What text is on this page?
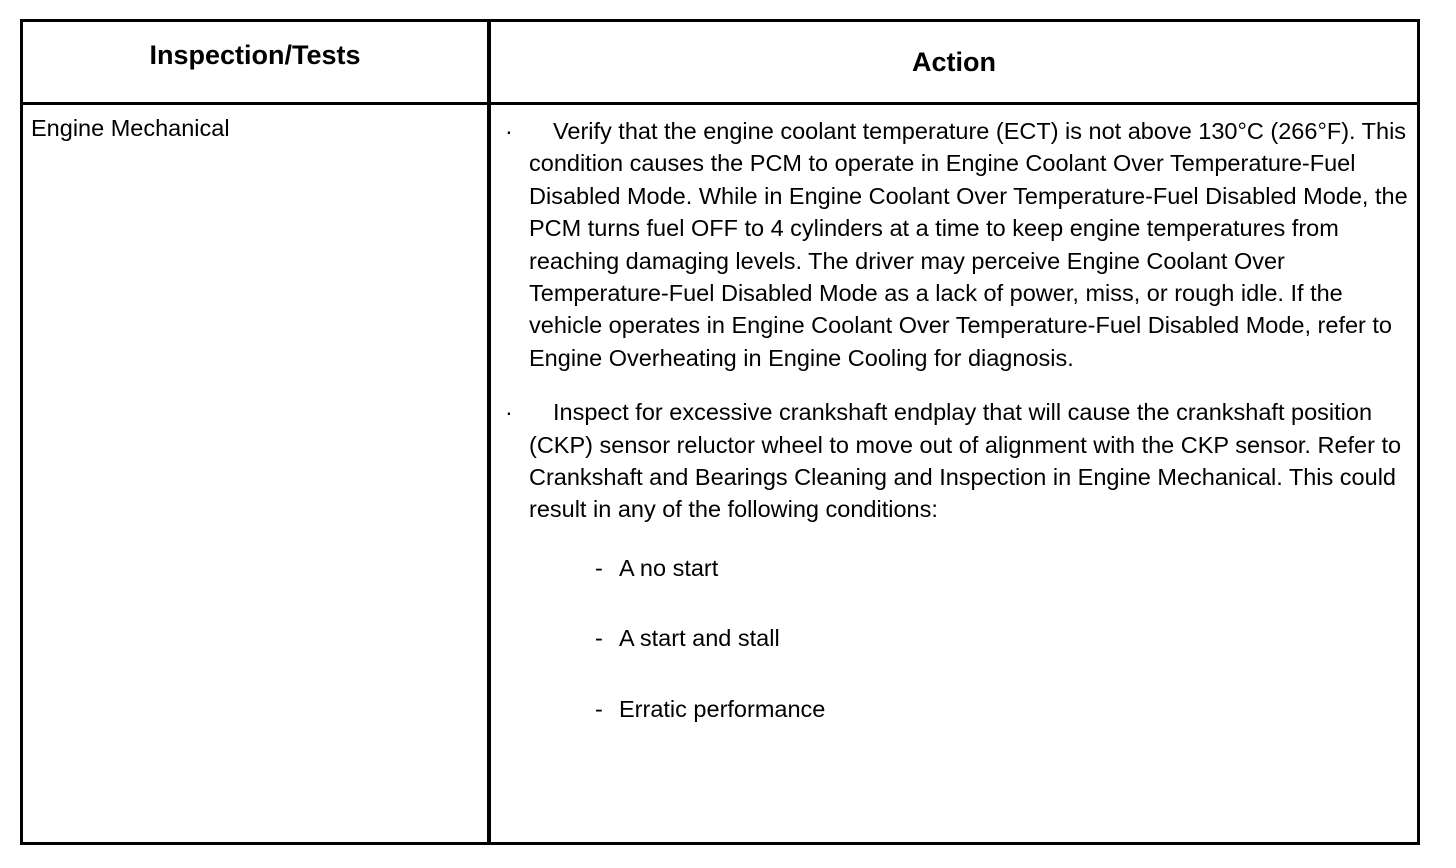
Inspection/Tests	Action
Engine Mechanical	·	Verify that the engine coolant temperature (ECT) is not above 130°C (266°F). This condition causes the PCM to operate in Engine Coolant Over Temperature-Fuel Disabled Mode. While in Engine Coolant Over Temperature-Fuel Disabled Mode, the PCM turns fuel OFF to 4 cylinders at a time to keep engine temperatures from reaching damaging levels. The driver may perceive Engine Coolant Over Temperature-Fuel Disabled Mode as a lack of power, miss, or rough idle. If the vehicle operates in Engine Coolant Over Temperature-Fuel Disabled Mode, refer to Engine Overheating in Engine Cooling for diagnosis.
·	Inspect for excessive crankshaft endplay that will cause the crankshaft position (CKP) sensor reluctor wheel to move out of alignment with the CKP sensor. Refer to Crankshaft and Bearings Cleaning and Inspection in Engine Mechanical. This could result in any of the following conditions:
- A no start
- A start and stall
- Erratic performance
